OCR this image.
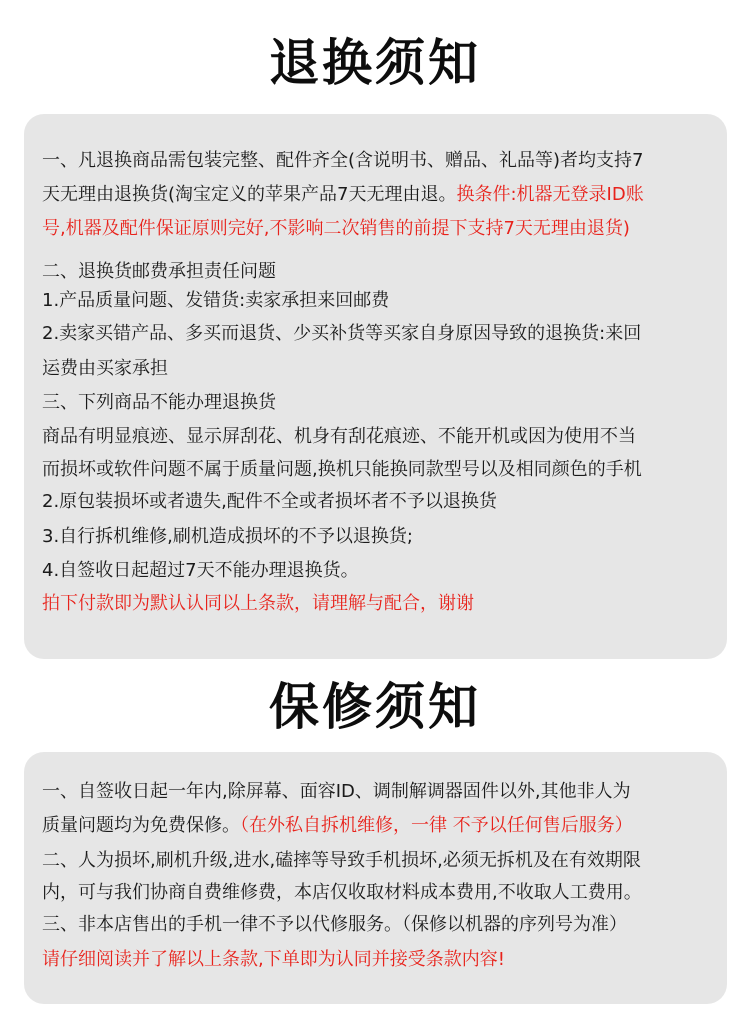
退换须知
一、凡退换商品需包装完整、配件齐全(含说明书、赠品、礼品等)者均支持7
天无理由退换货(淘宝定义的苹果产品7天无理由退。换条件:机器无登录ID账
号,机器及配件保证原则完好,不影响二次销售的前提下支持7天无理由退货)
二、退换货邮费承担责任问题
1.产品质量问题、发错货:卖家承担来回邮费
2.卖家买错产品、多买而退货、少买补货等买家自身原因导致的退换货:来回
运费由买家承担
三、下列商品不能办理退换货
商品有明显痕迹、显示屏刮花、机身有刮花痕迹、不能开机或因为使用不当
而损坏或软件问题不属于质量问题,换机只能换同款型号以及相同颜色的手机
2.原包装损坏或者遗失,配件不全或者损坏者不予以退换货
3.自行拆机维修,刷机造成损坏的不予以退换货;
4.自签收日起超过7天不能办理退换货。
拍下付款即为默认认同以上条款，请理解与配合，谢谢
保修须知
一、自签收日起一年内,除屏幕、面容ID、调制解调器固件以外,其他非人为
质量问题均为免费保修。（在外私自拆机维修，一律 不予以任何售后服务）
二、人为损坏,刷机升级,进水,磕摔等导致手机损坏,必须无拆机及在有效期限
内，可与我们协商自费维修费，本店仅收取材料成本费用,不收取人工费用。
三、非本店售出的手机一律不予以代修服务。（保修以机器的序列号为准）
请仔细阅读并了解以上条款,下单即为认同并接受条款内容!
